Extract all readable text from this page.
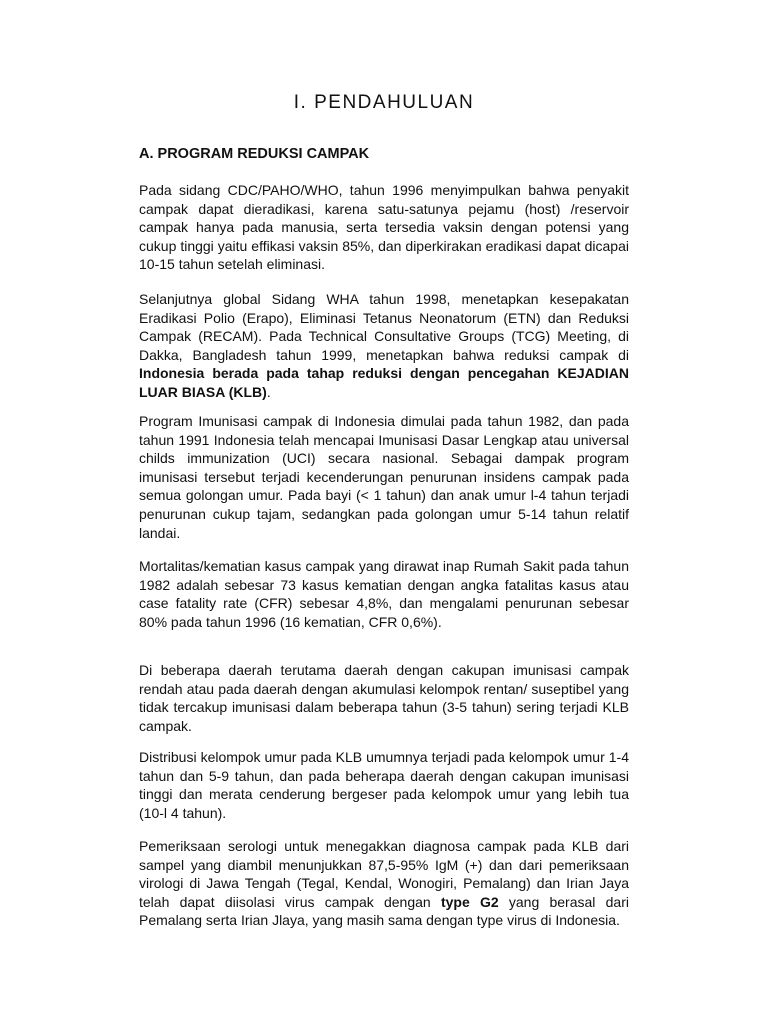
I. PENDAHULUAN
A. PROGRAM REDUKSI CAMPAK

Pada sidang CDC/PAHO/WHO, tahun 1996 menyimpulkan bahwa penyakit campak dapat dieradikasi, karena satu-satunya pejamu (host) /reservoir campak hanya pada manusia, serta tersedia vaksin dengan potensi yang cukup tinggi yaitu effikasi vaksin 85%, dan diperkirakan eradikasi dapat dicapai 10-15 tahun setelah eliminasi.

Selanjutnya global Sidang WHA tahun 1998, menetapkan kesepakatan Eradikasi Polio (Erapo), Eliminasi Tetanus Neonatorum (ETN) dan Reduksi Campak (RECAM). Pada Technical Consultative Groups (TCG) Meeting, di Dakka, Bangladesh tahun 1999, menetapkan bahwa reduksi campak di Indonesia berada pada tahap reduksi dengan pencegahan KEJADIAN LUAR BIASA (KLB).

Program Imunisasi campak di Indonesia dimulai pada tahun 1982, dan pada tahun 1991 Indonesia telah mencapai Imunisasi Dasar Lengkap atau universal childs immunization (UCI) secara nasional. Sebagai dampak program imunisasi tersebut terjadi kecenderungan penurunan insidens campak pada semua golongan umur. Pada bayi (< 1 tahun) dan anak umur l-4 tahun terjadi penurunan cukup tajam, sedangkan pada golongan umur 5-14 tahun relatif landai.

Mortalitas/kematian kasus campak yang dirawat inap Rumah Sakit pada tahun 1982 adalah sebesar 73 kasus kematian dengan angka fatalitas kasus atau case fatality rate (CFR) sebesar 4,8%, dan mengalami penurunan sebesar 80% pada tahun 1996 (16 kematian, CFR 0,6%).

Di beberapa daerah terutama daerah dengan cakupan imunisasi campak rendah atau pada daerah dengan akumulasi kelompok rentan/ suseptibel yang tidak tercakup imunisasi dalam beberapa tahun (3-5 tahun) sering terjadi KLB campak.

Distribusi kelompok umur pada KLB umumnya terjadi pada kelompok umur 1-4 tahun dan 5-9 tahun, dan pada beherapa daerah dengan cakupan imunisasi tinggi dan merata cenderung bergeser pada kelompok umur yang lebih tua (10-l 4 tahun).

Pemeriksaan serologi untuk menegakkan diagnosa campak pada KLB dari sampel yang diambil menunjukkan 87,5-95% IgM (+) dan dari pemeriksaan virologi di Jawa Tengah (Tegal, Kendal, Wonogiri, Pemalang) dan Irian Jaya telah dapat diisolasi virus campak dengan type G2 yang berasal dari Pemalang serta Irian Jlaya, yang masih sama dengan type virus di Indonesia.
